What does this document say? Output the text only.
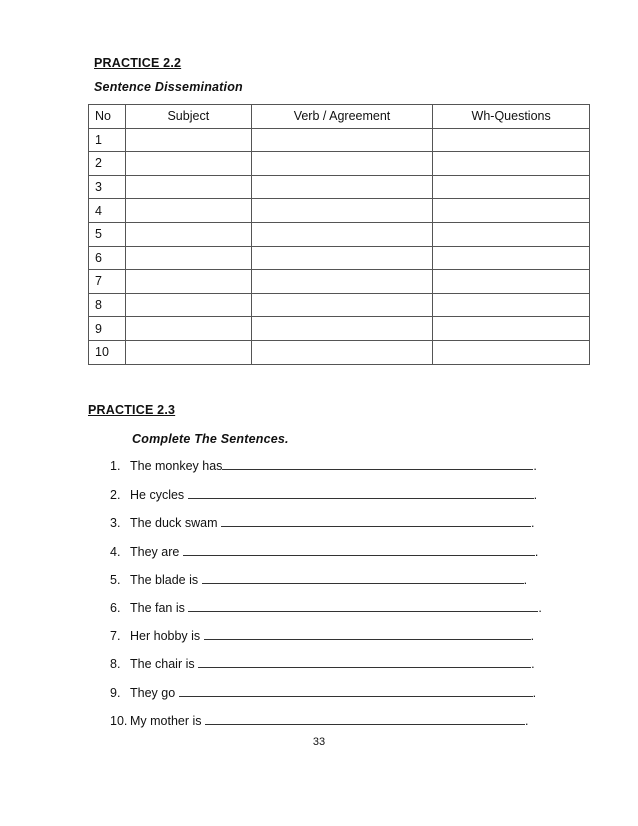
PRACTICE 2.2
Sentence Dissemination
No	Subject	Verb / Agreement	Wh-Questions
1			
2			
3			
4			
5			
6			
7			
8			
9			
10			
PRACTICE 2.3
Complete The Sentences.
1. The monkey has	.
2. He cycles	.
3. The duck swam	.
4. They are	.
5. The blade is	.
6. The fan is	.
7. Her hobby is	.
8. The chair is	.
9. They go	.
10. My mother is	.
33
